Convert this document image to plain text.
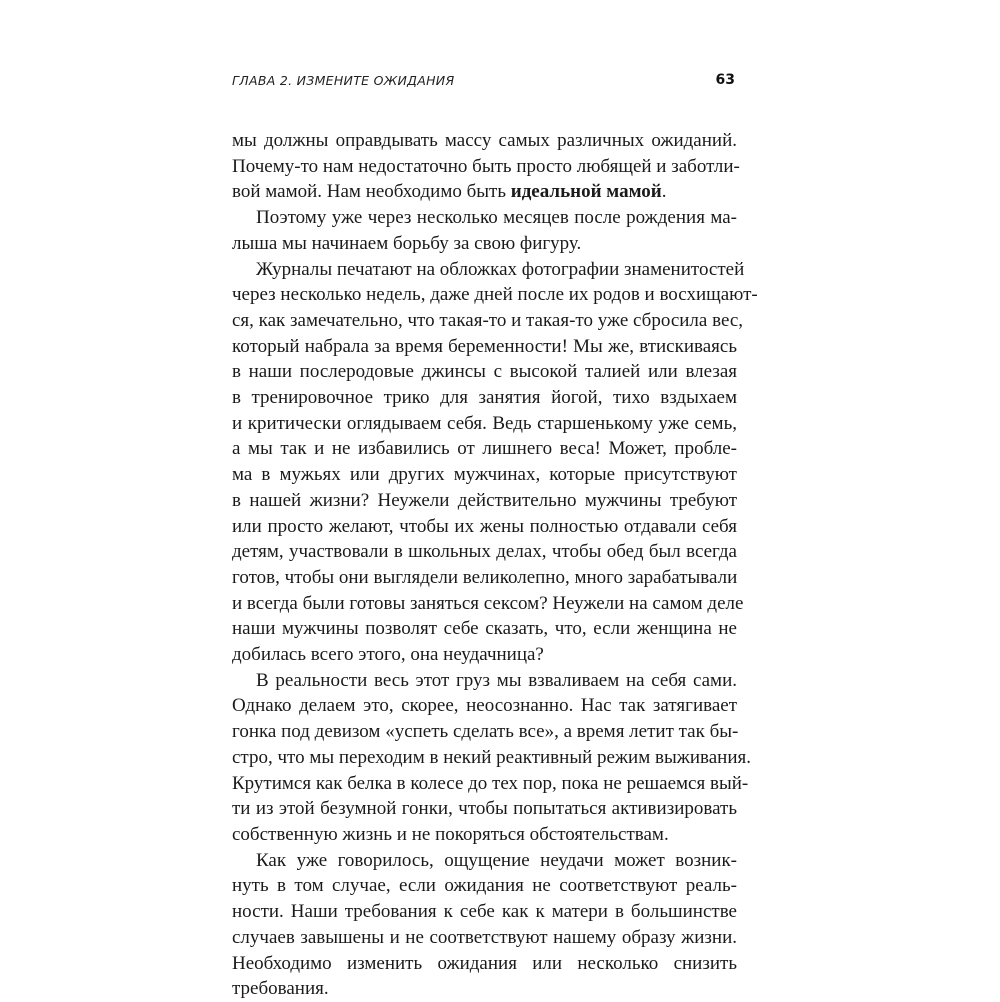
ГЛАВА 2. ИЗМЕНИТЕ ОЖИДАНИЯ	63
мы должны оправдывать массу самых различных ожиданий.
Почему-то нам недостаточно быть просто любящей и заботли-
вой мамой. Нам необходимо быть идеальной мамой.
Поэтому уже через несколько месяцев после рождения ма-
лыша мы начинаем борьбу за свою фигуру.
Журналы печатают на обложках фотографии знаменитостей
через несколько недель, даже дней после их родов и восхищают-
ся, как замечательно, что такая-то и такая-то уже сбросила вес,
который набрала за время беременности! Мы же, втискиваясь
в наши послеродовые джинсы с высокой талией или влезая
в тренировочное трико для занятия йогой, тихо вздыхаем
и критически оглядываем себя. Ведь старшенькому уже семь,
а мы так и не избавились от лишнего веса! Может, пробле-
ма в мужьях или других мужчинах, которые присутствуют
в нашей жизни? Неужели действительно мужчины требуют
или просто желают, чтобы их жены полностью отдавали себя
детям, участвовали в школьных делах, чтобы обед был всегда
готов, чтобы они выглядели великолепно, много зарабатывали
и всегда были готовы заняться сексом? Неужели на самом деле
наши мужчины позволят себе сказать, что, если женщина не
добилась всего этого, она неудачница?
В реальности весь этот груз мы взваливаем на себя сами.
Однако делаем это, скорее, неосознанно. Нас так затягивает
гонка под девизом «успеть сделать все», а время летит так бы-
стро, что мы переходим в некий реактивный режим выживания.
Крутимся как белка в колесе до тех пор, пока не решаемся вый-
ти из этой безумной гонки, чтобы попытаться активизировать
собственную жизнь и не покоряться обстоятельствам.
Как уже говорилось, ощущение неудачи может возник-
нуть в том случае, если ожидания не соответствуют реаль-
ности. Наши требования к себе как к матери в большинстве
случаев завышены и не соответствуют нашему образу жизни.
Необходимо изменить ожидания или несколько снизить
требования.
